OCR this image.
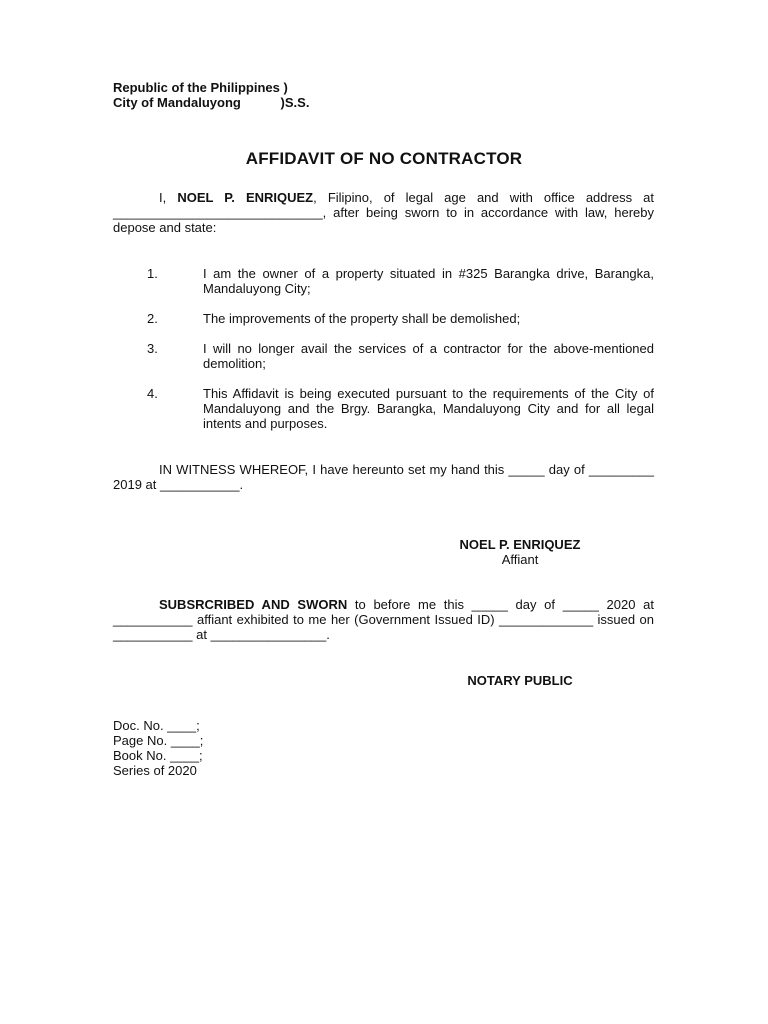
Republic of the Philippines )
City of Mandaluyong           )S.S.
AFFIDAVIT OF NO CONTRACTOR
I, NOEL P. ENRIQUEZ, Filipino, of legal age and with office address at _____________________________, after being sworn to in accordance with law, hereby depose and state:
1.	I am the owner of a property situated in #325 Barangka drive, Barangka, Mandaluyong City;
2.	The improvements of the property shall be demolished;
3.	I will no longer avail the services of a contractor for the above-mentioned demolition;
4.	This Affidavit is being executed pursuant to the requirements of the City of Mandaluyong and the Brgy. Barangka, Mandaluyong City and for all legal intents and purposes.
IN WITNESS WHEREOF, I have hereunto set my hand this _____ day of _________ 2019 at ___________.
NOEL P. ENRIQUEZ
Affiant
SUBSRCRIBED AND SWORN to before me this _____ day of _____ 2020 at ___________ affiant exhibited to me her (Government Issued ID) _____________ issued on ___________ at ________________.
NOTARY PUBLIC
Doc. No. ____;
Page No. ____;
Book No. ____;
Series of 2020
